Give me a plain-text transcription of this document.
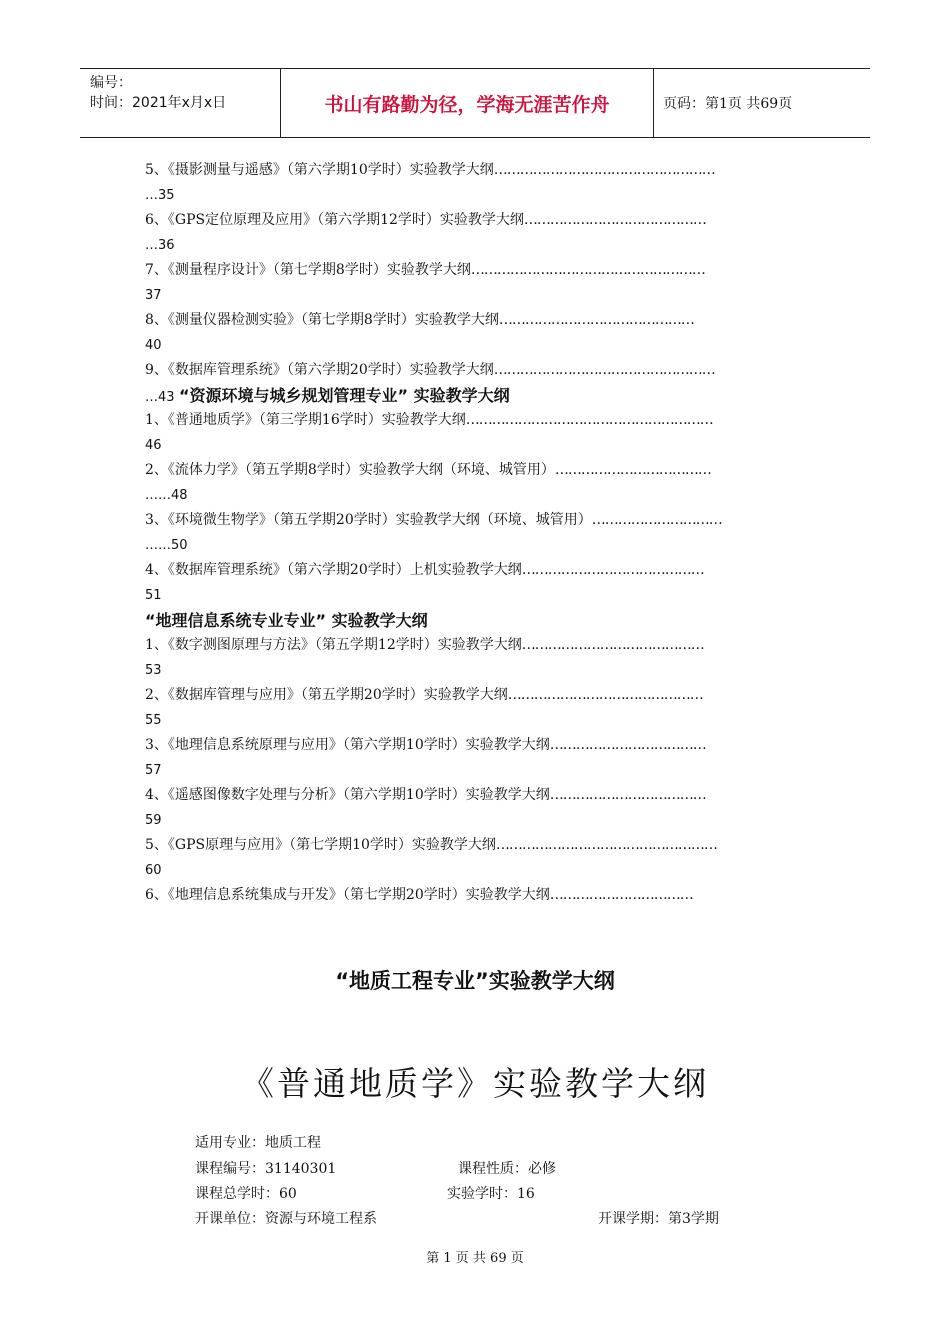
编号：
时间：2021年x月x日	书山有路勤为径，学海无涯苦作舟	页码：第1页 共69页
5、《摄影测量与遥感》（第六学期10学时）实验教学大纲……………………………………………
…35
6、《GPS定位原理及应用》（第六学期12学时）实验教学大纲……………………………………
…36
7、《测量程序设计》（第七学期8学时）实验教学大纲………………………………………………
37
8、《测量仪器检测实验》（第七学期8学时）实验教学大纲………………………………………
40
9、《数据库管理系统》（第六学期20学时）实验教学大纲……………………………………………
…43 “资源环境与城乡规划管理专业” 实验教学大纲
1、《普通地质学》（第三学期16学时）实验教学大纲…………………………………………………
46
2、《流体力学》（第五学期8学时）实验教学大纲（环境、城管用）………………………………
……48
3、《环境微生物学》（第五学期20学时）实验教学大纲（环境、城管用）…………………………
……50
4、《数据库管理系统》（第六学期20学时）上机实验教学大纲……………………………………
51
“地理信息系统专业专业” 实验教学大纲
1、《数字测图原理与方法》（第五学期12学时）实验教学大纲……………………………………
53
2、《数据库管理与应用》（第五学期20学时）实验教学大纲………………………………………
55
3、《地理信息系统原理与应用》（第六学期10学时）实验教学大纲………………………………
57
4、《遥感图像数字处理与分析》（第六学期10学时）实验教学大纲………………………………
59
5、《GPS原理与应用》（第七学期10学时）实验教学大纲……………………………………………
60
6、《地理信息系统集成与开发》（第七学期20学时）实验教学大纲……………………………
“地质工程专业”实验教学大纲
《普通地质学》实验教学大纲
适用专业：地质工程
课程编号：31140301	课程性质：必修
课程总学时：60	实验学时：16
开课单位：资源与环境工程系	开课学期：第3学期
第 1 页 共 69 页
